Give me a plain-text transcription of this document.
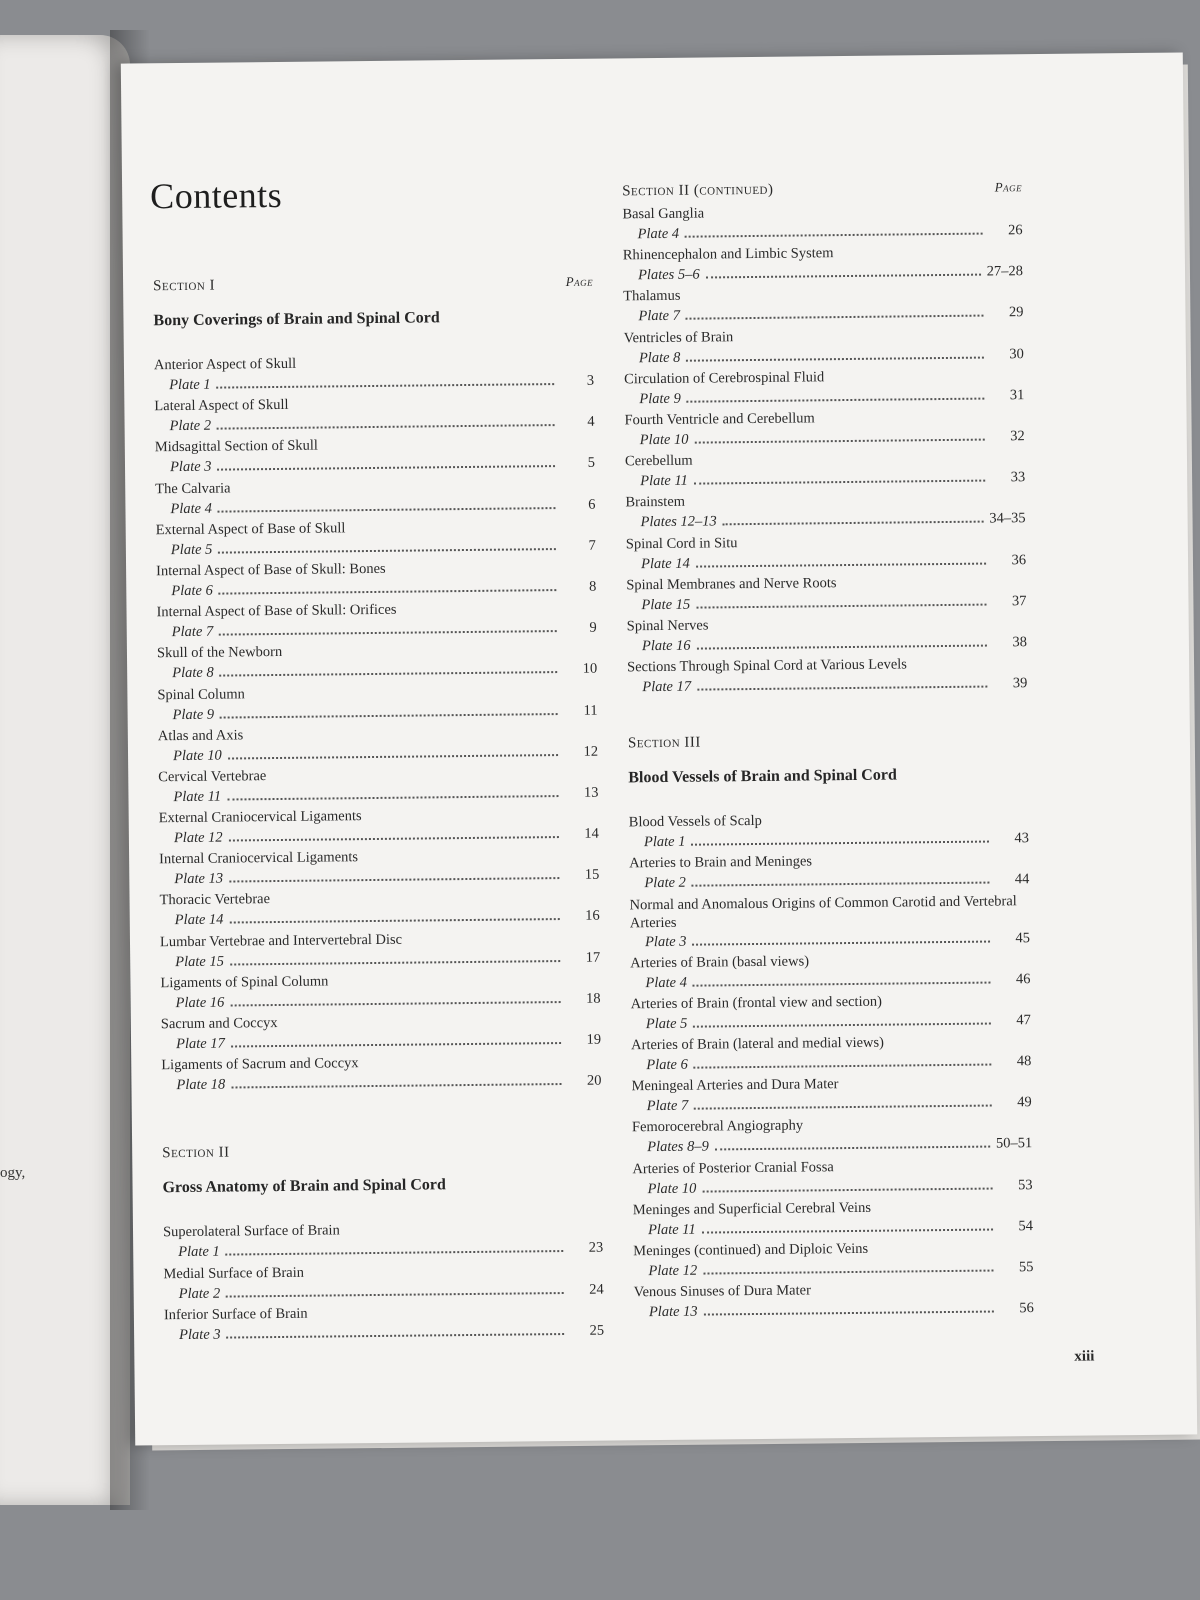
ogy,
Contents
Section I	Page
Bony Coverings of Brain and Spinal Cord
Anterior Aspect of Skull
Plate 1	3
Lateral Aspect of Skull
Plate 2	4
Midsagittal Section of Skull
Plate 3	5
The Calvaria
Plate 4	6
External Aspect of Base of Skull
Plate 5	7
Internal Aspect of Base of Skull: Bones
Plate 6	8
Internal Aspect of Base of Skull: Orifices
Plate 7	9
Skull of the Newborn
Plate 8	10
Spinal Column
Plate 9	11
Atlas and Axis
Plate 10	12
Cervical Vertebrae
Plate 11	13
External Craniocervical Ligaments
Plate 12	14
Internal Craniocervical Ligaments
Plate 13	15
Thoracic Vertebrae
Plate 14	16
Lumbar Vertebrae and Intervertebral Disc
Plate 15	17
Ligaments of Spinal Column
Plate 16	18
Sacrum and Coccyx
Plate 17	19
Ligaments of Sacrum and Coccyx
Plate 18	20
Section II
Gross Anatomy of Brain and Spinal Cord
Superolateral Surface of Brain
Plate 1	23
Medial Surface of Brain
Plate 2	24
Inferior Surface of Brain
Plate 3	25
Section II (continued)	Page
Basal Ganglia
Plate 4	26
Rhinencephalon and Limbic System
Plates 5–6	27–28
Thalamus
Plate 7	29
Ventricles of Brain
Plate 8	30
Circulation of Cerebrospinal Fluid
Plate 9	31
Fourth Ventricle and Cerebellum
Plate 10	32
Cerebellum
Plate 11	33
Brainstem
Plates 12–13	34–35
Spinal Cord in Situ
Plate 14	36
Spinal Membranes and Nerve Roots
Plate 15	37
Spinal Nerves
Plate 16	38
Sections Through Spinal Cord at Various Levels
Plate 17	39
Section III
Blood Vessels of Brain and Spinal Cord
Blood Vessels of Scalp
Plate 1	43
Arteries to Brain and Meninges
Plate 2	44
Normal and Anomalous Origins of Common Carotid and Vertebral Arteries
Plate 3	45
Arteries of Brain (basal views)
Plate 4	46
Arteries of Brain (frontal view and section)
Plate 5	47
Arteries of Brain (lateral and medial views)
Plate 6	48
Meningeal Arteries and Dura Mater
Plate 7	49
Femorocerebral Angiography
Plates 8–9	50–51
Arteries of Posterior Cranial Fossa
Plate 10	53
Meninges and Superficial Cerebral Veins
Plate 11	54
Meninges (continued) and Diploic Veins
Plate 12	55
Venous Sinuses of Dura Mater
Plate 13	56
xiii
